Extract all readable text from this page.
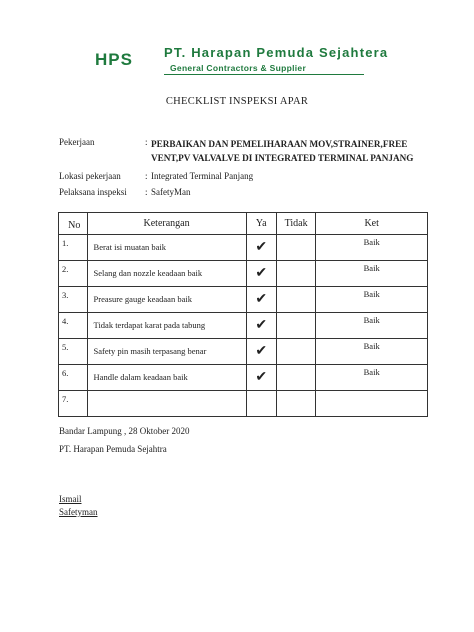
HPS PT. Harapan Pemuda Sejahtera
General Contractors & Supplier
CHECKLIST INSPEKSI APAR
Pekerjaan	: PERBAIKAN DAN PEMELIHARAAN MOV,STRAINER,FREE
VENT,PV VALVALVE DI INTEGRATED TERMINAL PANJANG
Lokasi pekerjaan	: Integrated Terminal Panjang
Pelaksana inspeksi	: SafetyMan
No	Keterangan	Ya	Tidak	Ket
1.	Berat isi muatan baik	✔		Baik

2.	Selang dan nozzle keadaan baik	✔		Baik

3.	Preasure gauge keadaan baik	✔		Baik

4.	Tidak terdapat karat pada tabung	✔		Baik

5.	Safety pin masih terpasang benar	✔		Baik

6.	Handle dalam keadaan baik	✔		Baik

7.	

Bandar Lampung , 28 Oktober 2020
PT. Harapan Pemuda Sejahtra
Ismail
Safetyman
